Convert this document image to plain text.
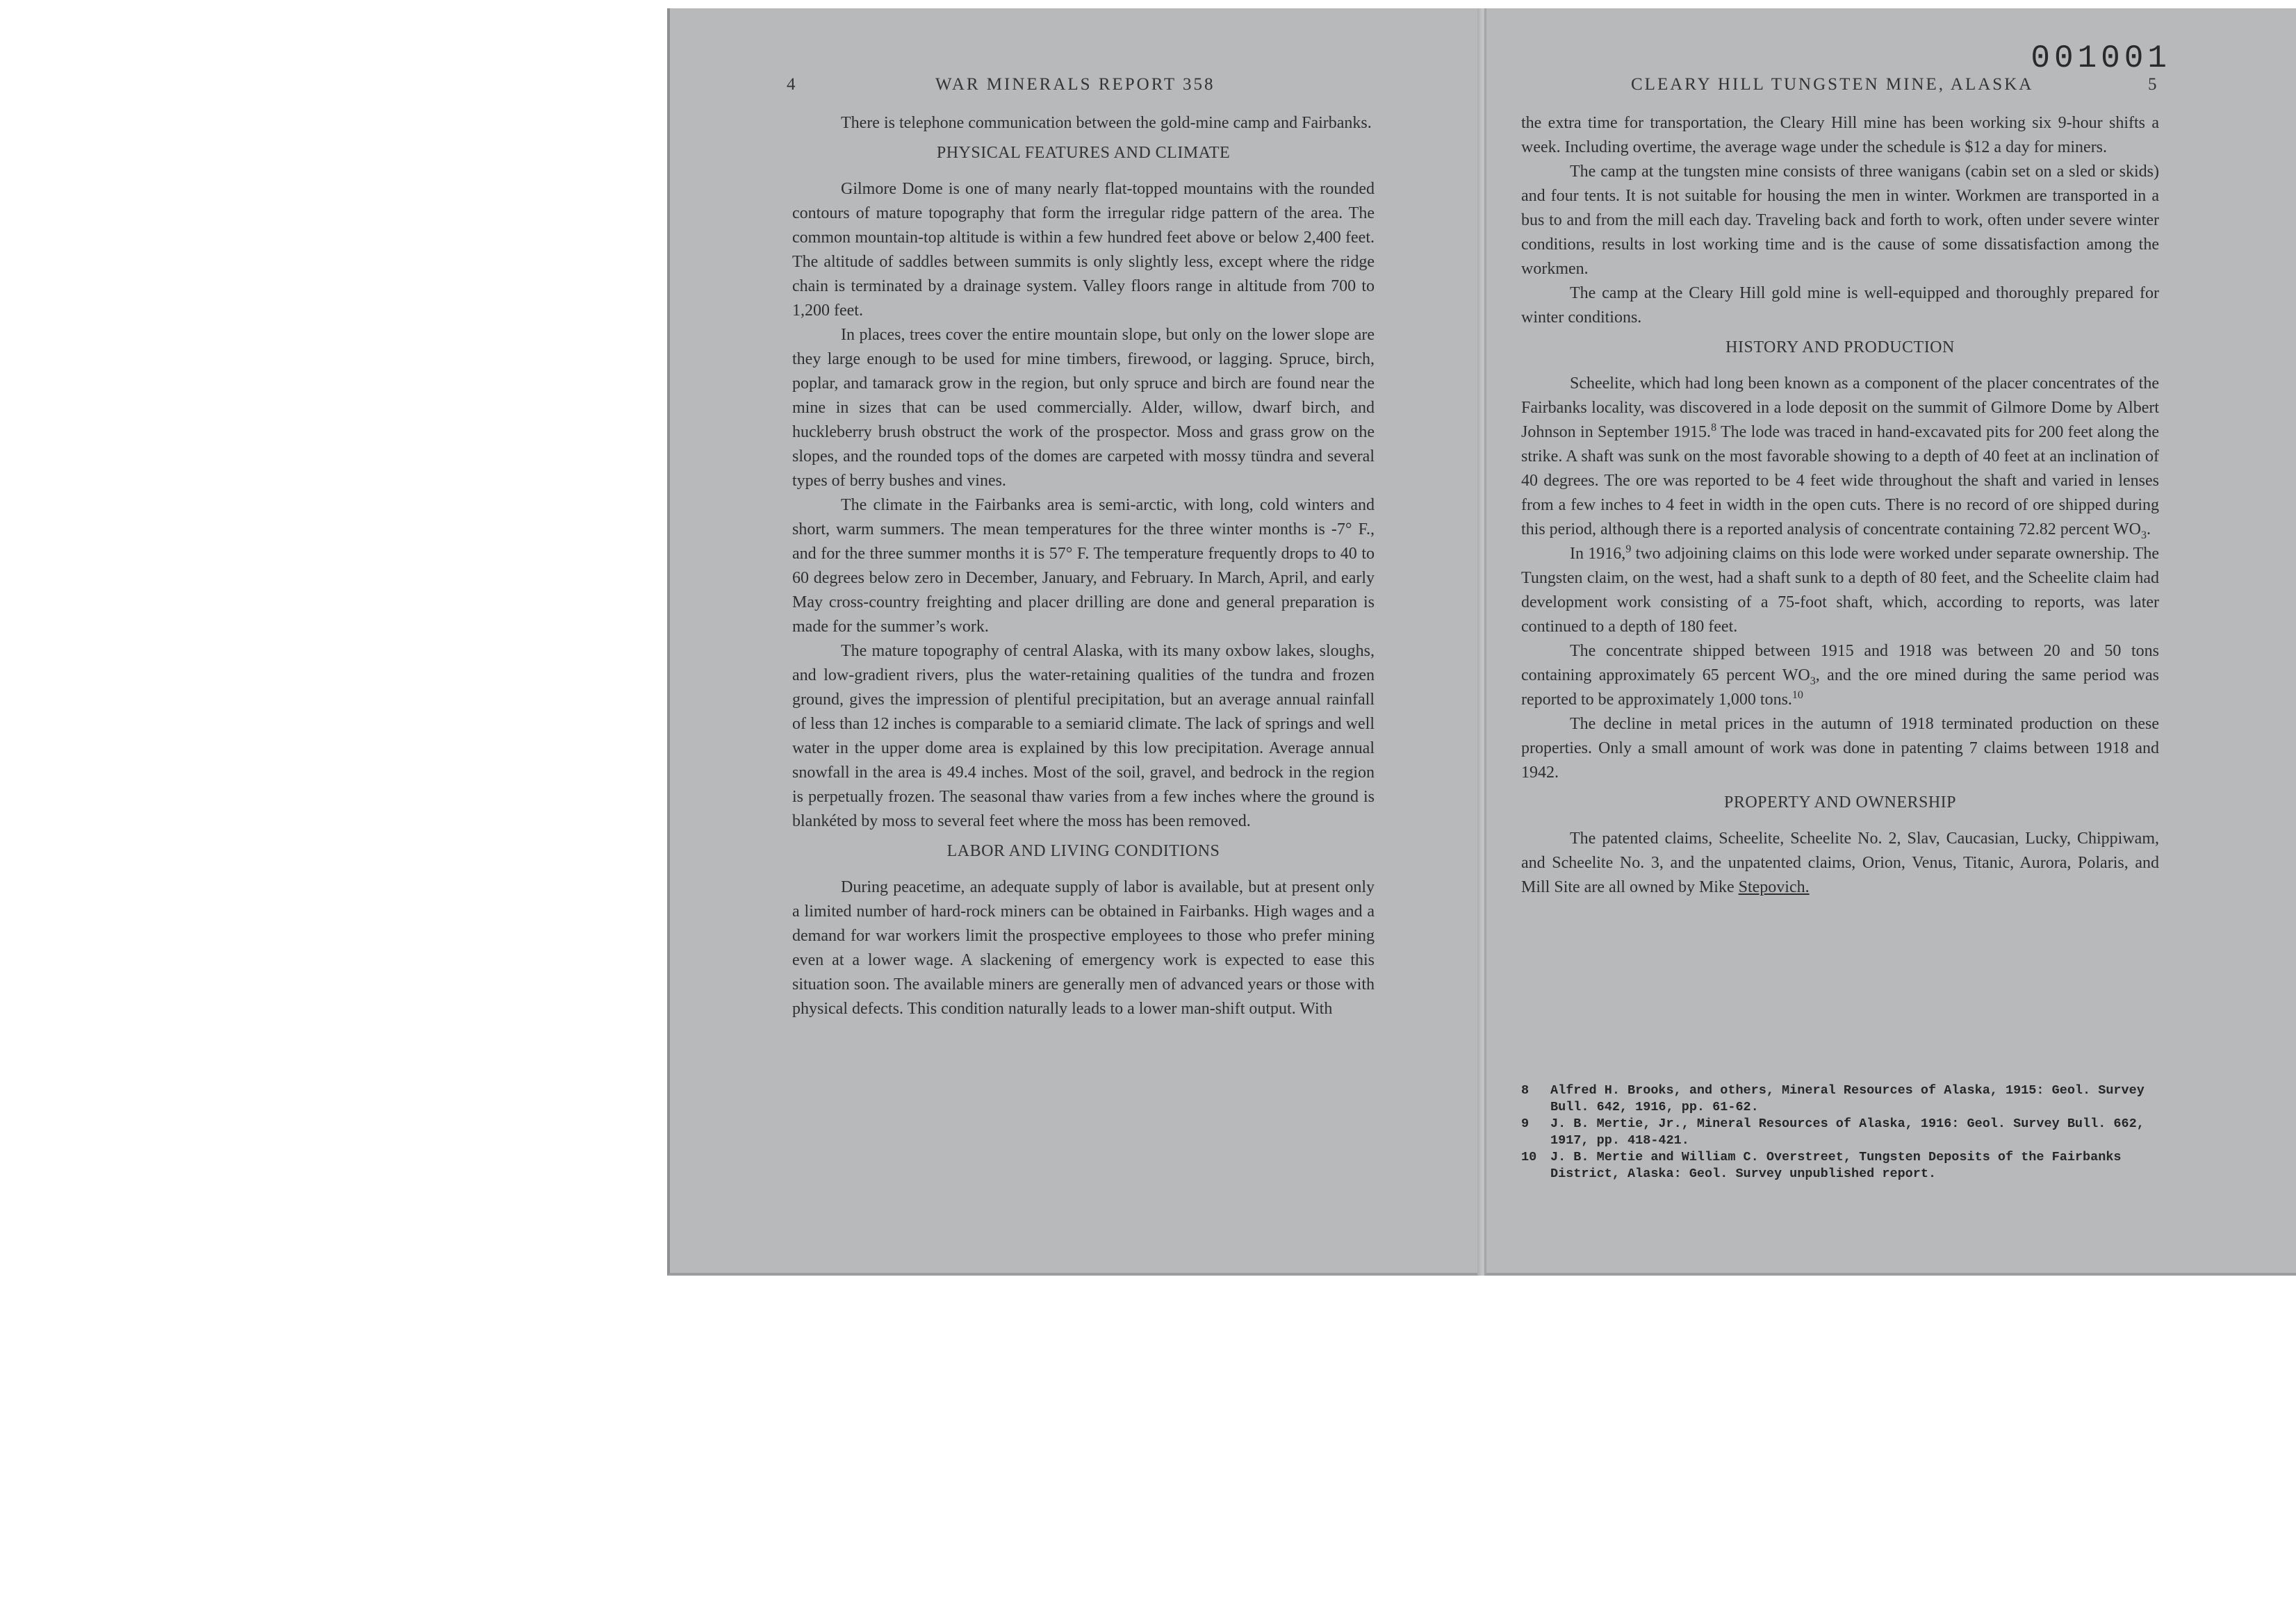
4	WAR MINERALS REPORT 358

There is telephone communication between the gold-mine camp and Fairbanks.

PHYSICAL FEATURES AND CLIMATE

Gilmore Dome is one of many nearly flat-topped mountains with the rounded contours of mature topography that form the irregular ridge pattern of the area. The common mountain-top altitude is within a few hundred feet above or below 2,400 feet. The altitude of saddles between summits is only slightly less, except where the ridge chain is terminated by a drainage system. Valley floors range in altitude from 700 to 1,200 feet.

In places, trees cover the entire mountain slope, but only on the lower slope are they large enough to be used for mine timbers, firewood, or lagging. Spruce, birch, poplar, and tamarack grow in the region, but only spruce and birch are found near the mine in sizes that can be used commercially. Alder, willow, dwarf birch, and huckleberry brush obstruct the work of the prospector. Moss and grass grow on the slopes, and the rounded tops of the domes are carpeted with mossy tündra and several types of berry bushes and vines.

The climate in the Fairbanks area is semi-arctic, with long, cold winters and short, warm summers. The mean temperatures for the three winter months is -7° F., and for the three summer months it is 57° F. The temperature frequently drops to 40 to 60 degrees below zero in December, January, and February. In March, April, and early May cross-country freighting and placer drilling are done and general preparation is made for the summer’s work.

The mature topography of central Alaska, with its many oxbow lakes, sloughs, and low-gradient rivers, plus the water-retaining qualities of the tundra and frozen ground, gives the impression of plentiful precipitation, but an average annual rainfall of less than 12 inches is comparable to a semiarid climate. The lack of springs and well water in the upper dome area is explained by this low precipitation. Average annual snowfall in the area is 49.4 inches. Most of the soil, gravel, and bedrock in the region is perpetually frozen. The seasonal thaw varies from a few inches where the ground is blankéted by moss to several feet where the moss has been removed.

LABOR AND LIVING CONDITIONS

During peacetime, an adequate supply of labor is available, but at present only a limited number of hard-rock miners can be obtained in Fairbanks. High wages and a demand for war workers limit the prospective employees to those who prefer mining even at a lower wage. A slackening of emergency work is expected to ease this situation soon. The available miners are generally men of advanced years or those with physical defects. This condition naturally leads to a lower man-shift output. With

001001
CLEARY HILL TUNGSTEN MINE, ALASKA	5

the extra time for transportation, the Cleary Hill mine has been working six 9-hour shifts a week. Including overtime, the average wage under the schedule is $12 a day for miners.

The camp at the tungsten mine consists of three wanigans (cabin set on a sled or skids) and four tents. It is not suitable for housing the men in winter. Workmen are transported in a bus to and from the mill each day. Traveling back and forth to work, often under severe winter conditions, results in lost working time and is the cause of some dissatisfaction among the workmen.

The camp at the Cleary Hill gold mine is well-equipped and thoroughly prepared for winter conditions.

HISTORY AND PRODUCTION

Scheelite, which had long been known as a component of the placer concentrates of the Fairbanks locality, was discovered in a lode deposit on the summit of Gilmore Dome by Albert Johnson in September 1915.$^8$ The lode was traced in hand-excavated pits for 200 feet along the strike. A shaft was sunk on the most favorable showing to a depth of 40 feet at an inclination of 40 degrees. The ore was reported to be 4 feet wide throughout the shaft and varied in lenses from a few inches to 4 feet in width in the open cuts. There is no record of ore shipped during this period, although there is a reported analysis of concentrate containing 72.82 percent $WO_3$.

In 1916,$^9$ two adjoining claims on this lode were worked under separate ownership. The Tungsten claim, on the west, had a shaft sunk to a depth of 80 feet, and the Scheelite claim had development work consisting of a 75-foot shaft, which, according to reports, was later continued to a depth of 180 feet.

The concentrate shipped between 1915 and 1918 was between 20 and 50 tons containing approximately 65 percent $WO_3$, and the ore mined during the same period was reported to be approximately 1,000 tons.$^{10}$

The decline in metal prices in the autumn of 1918 terminated production on these properties. Only a small amount of work was done in patenting 7 claims between 1918 and 1942.

PROPERTY AND OWNERSHIP

The patented claims, Scheelite, Scheelite No. 2, Slav, Caucasian, Lucky, Chippiwam, and Scheelite No. 3, and the unpatented claims, Orion, Venus, Titanic, Aurora, Polaris, and Mill Site are all owned by Mike Stepovich.

8	Alfred H. Brooks, and others, Mineral Resources of Alaska, 1915: Geol. Survey Bull. 642, 1916, pp. 61-62.
9	J. B. Mertie, Jr., Mineral Resources of Alaska, 1916: Geol. Survey Bull. 662, 1917, pp. 418-421.
10	J. B. Mertie and William C. Overstreet, Tungsten Deposits of the Fairbanks District, Alaska: Geol. Survey unpublished report.
